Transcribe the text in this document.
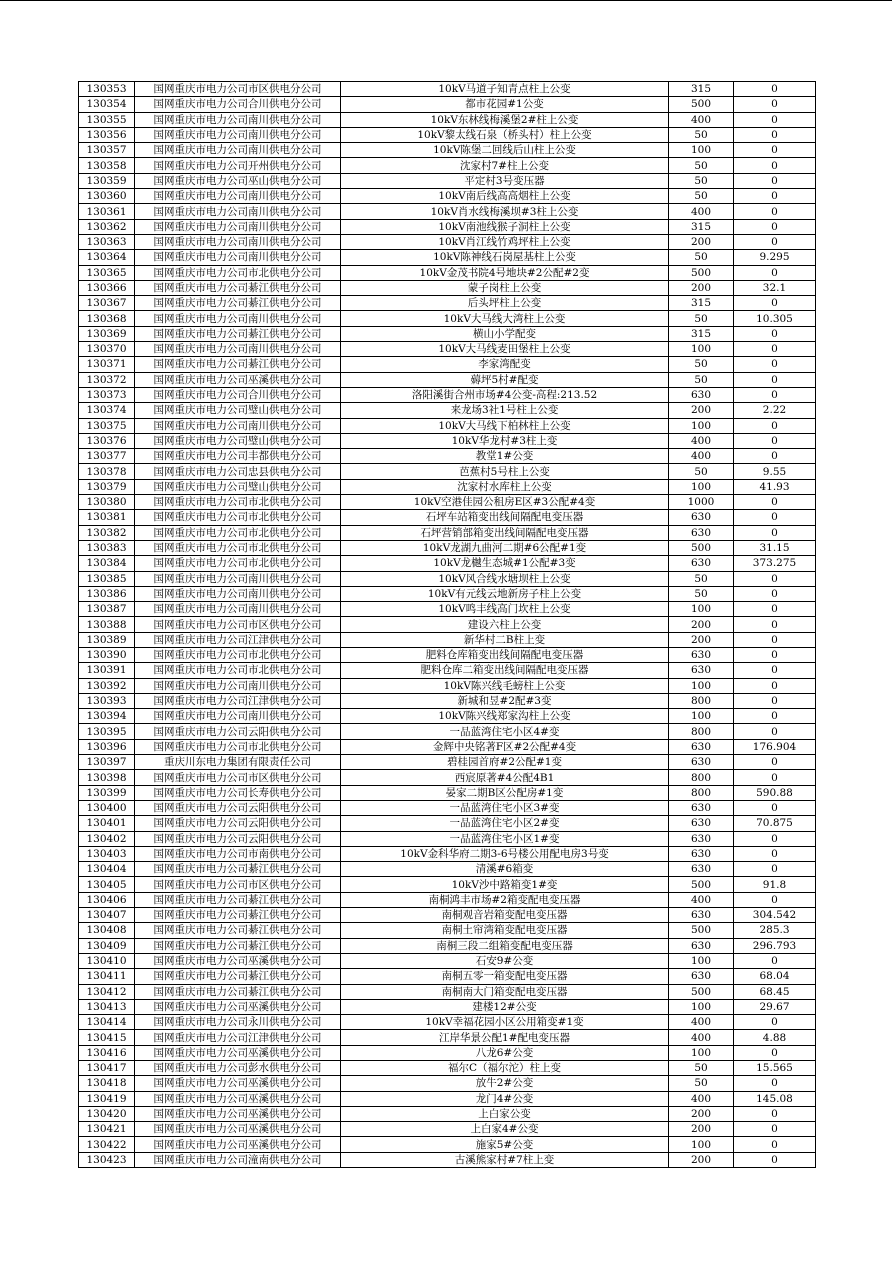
130353	国网重庆市电力公司市区供电分公司	10kV马道子知青点柱上公变	315	0
130354	国网重庆市电力公司合川供电分公司	都市花园#1公变	500	0
130355	国网重庆市电力公司南川供电分公司	10kV东林线梅溪堡2#柱上公变	400	0
130356	国网重庆市电力公司南川供电分公司	10kV黎太线石泉（桥头村）柱上公变	50	0
130357	国网重庆市电力公司南川供电分公司	10kV陈堡二回线后山柱上公变	100	0
130358	国网重庆市电力公司开州供电分公司	沈家村7#柱上公变	50	0
130359	国网重庆市电力公司巫山供电分公司	平定村3号变压器	50	0
130360	国网重庆市电力公司南川供电分公司	10kV南后线高高烟柱上公变	50	0
130361	国网重庆市电力公司南川供电分公司	10kV肖水线梅溪坝#3柱上公变	400	0
130362	国网重庆市电力公司南川供电分公司	10kV南池线猴子洞柱上公变	315	0
130363	国网重庆市电力公司南川供电分公司	10kV肖江线竹鸡坪柱上公变	200	0
130364	国网重庆市电力公司南川供电分公司	10kV陈神线石岗屋基柱上公变	50	9.295
130365	国网重庆市电力公司市北供电分公司	10kV金茂书院4号地块#2公配#2变	500	0
130366	国网重庆市电力公司綦江供电分公司	蒙子岗柱上公变	200	32.1
130367	国网重庆市电力公司綦江供电分公司	后头坪柱上公变	315	0
130368	国网重庆市电力公司南川供电分公司	10kV大马线大湾柱上公变	50	10.305
130369	国网重庆市电力公司綦江供电分公司	横山小学配变	315	0
130370	国网重庆市电力公司南川供电分公司	10kV大马线麦田堡柱上公变	100	0
130371	国网重庆市电力公司綦江供电分公司	李家湾配变	50	0
130372	国网重庆市电力公司巫溪供电分公司	薅坪5村#配变	50	0
130373	国网重庆市电力公司合川供电分公司	洛阳溪街合州市场#4公变-高程:213.52	630	0
130374	国网重庆市电力公司璧山供电分公司	来龙场3社1号柱上公变	200	2.22
130375	国网重庆市电力公司南川供电分公司	10kV大马线下柏林柱上公变	100	0
130376	国网重庆市电力公司璧山供电分公司	10kV华龙村#3柱上变	400	0
130377	国网重庆市电力公司丰都供电分公司	教堂1#公变	400	0
130378	国网重庆市电力公司忠县供电分公司	芭蕉村5号柱上公变	50	9.55
130379	国网重庆市电力公司璧山供电分公司	沈家村水库柱上公变	100	41.93
130380	国网重庆市电力公司市北供电分公司	10kV空港佳园公租房E区#3公配#4变	1000	0
130381	国网重庆市电力公司市北供电分公司	石坪车站箱变出线间隔配电变压器	630	0
130382	国网重庆市电力公司市北供电分公司	石坪营销部箱变出线间隔配电变压器	630	0
130383	国网重庆市电力公司市北供电分公司	10kV龙湖九曲河二期#6公配#1变	500	31.15
130384	国网重庆市电力公司市北供电分公司	10kV龙樾生态城#1公配#3变	630	373.275
130385	国网重庆市电力公司南川供电分公司	10kV风合线水塘坝柱上公变	50	0
130386	国网重庆市电力公司南川供电分公司	10kV有元线云地新房子柱上公变	50	0
130387	国网重庆市电力公司南川供电分公司	10kV鸣丰线高门坎柱上公变	100	0
130388	国网重庆市电力公司市区供电分公司	建设六柱上公变	200	0
130389	国网重庆市电力公司江津供电分公司	新华村二B柱上变	200	0
130390	国网重庆市电力公司市北供电分公司	肥料仓库箱变出线间隔配电变压器	630	0
130391	国网重庆市电力公司市北供电分公司	肥料仓库二箱变出线间隔配电变压器	630	0
130392	国网重庆市电力公司南川供电分公司	10kV陈兴线毛螃柱上公变	100	0
130393	国网重庆市电力公司江津供电分公司	新城和昱#2配#3变	800	0
130394	国网重庆市电力公司南川供电分公司	10kV陈兴线郑家沟柱上公变	100	0
130395	国网重庆市电力公司云阳供电分公司	一品蓝湾住宅小区4#变	800	0
130396	国网重庆市电力公司市北供电分公司	金辉中央铭著F区#2公配#4变	630	176.904
130397	重庆川东电力集团有限责任公司	碧桂园首府#2公配#1变	630	0
130398	国网重庆市电力公司市区供电分公司	西宸原著#4公配4B1	800	0
130399	国网重庆市电力公司长寿供电分公司	晏家二期B区公配房#1变	800	590.88
130400	国网重庆市电力公司云阳供电分公司	一品蓝湾住宅小区3#变	630	0
130401	国网重庆市电力公司云阳供电分公司	一品蓝湾住宅小区2#变	630	70.875
130402	国网重庆市电力公司云阳供电分公司	一品蓝湾住宅小区1#变	630	0
130403	国网重庆市电力公司市南供电分公司	10kV金科华府二期3-6号楼公用配电房3号变	630	0
130404	国网重庆市电力公司綦江供电分公司	清溪#6箱变	630	0
130405	国网重庆市电力公司市区供电分公司	10kV沙中路箱变1#变	500	91.8
130406	国网重庆市电力公司綦江供电分公司	南桐鸿丰市场#2箱变配电变压器	400	0
130407	国网重庆市电力公司綦江供电分公司	南桐观音岩箱变配电变压器	630	304.542
130408	国网重庆市电力公司綦江供电分公司	南桐土帘湾箱变配电变压器	500	285.3
130409	国网重庆市电力公司綦江供电分公司	南桐三段二组箱变配电变压器	630	296.793
130410	国网重庆市电力公司巫溪供电分公司	石安9#公变	100	0
130411	国网重庆市电力公司綦江供电分公司	南桐五零一箱变配电变压器	630	68.04
130412	国网重庆市电力公司綦江供电分公司	南桐南大门箱变配电变压器	500	68.45
130413	国网重庆市电力公司巫溪供电分公司	建楼12#公变	100	29.67
130414	国网重庆市电力公司永川供电分公司	10kV幸福花园小区公用箱变#1变	400	0
130415	国网重庆市电力公司江津供电分公司	江岸华景公配1#配电变压器	400	4.88
130416	国网重庆市电力公司巫溪供电分公司	八龙6#公变	100	0
130417	国网重庆市电力公司彭水供电分公司	福尔C（福尔沱）柱上变	50	15.565
130418	国网重庆市电力公司巫溪供电分公司	放牛2#公变	50	0
130419	国网重庆市电力公司巫溪供电分公司	龙门4#公变	400	145.08
130420	国网重庆市电力公司巫溪供电分公司	上白家公变	200	0
130421	国网重庆市电力公司巫溪供电分公司	上白家4#公变	200	0
130422	国网重庆市电力公司巫溪供电分公司	施家5#公变	100	0
130423	国网重庆市电力公司潼南供电分公司	古溪熊家村#7柱上变	200	0
